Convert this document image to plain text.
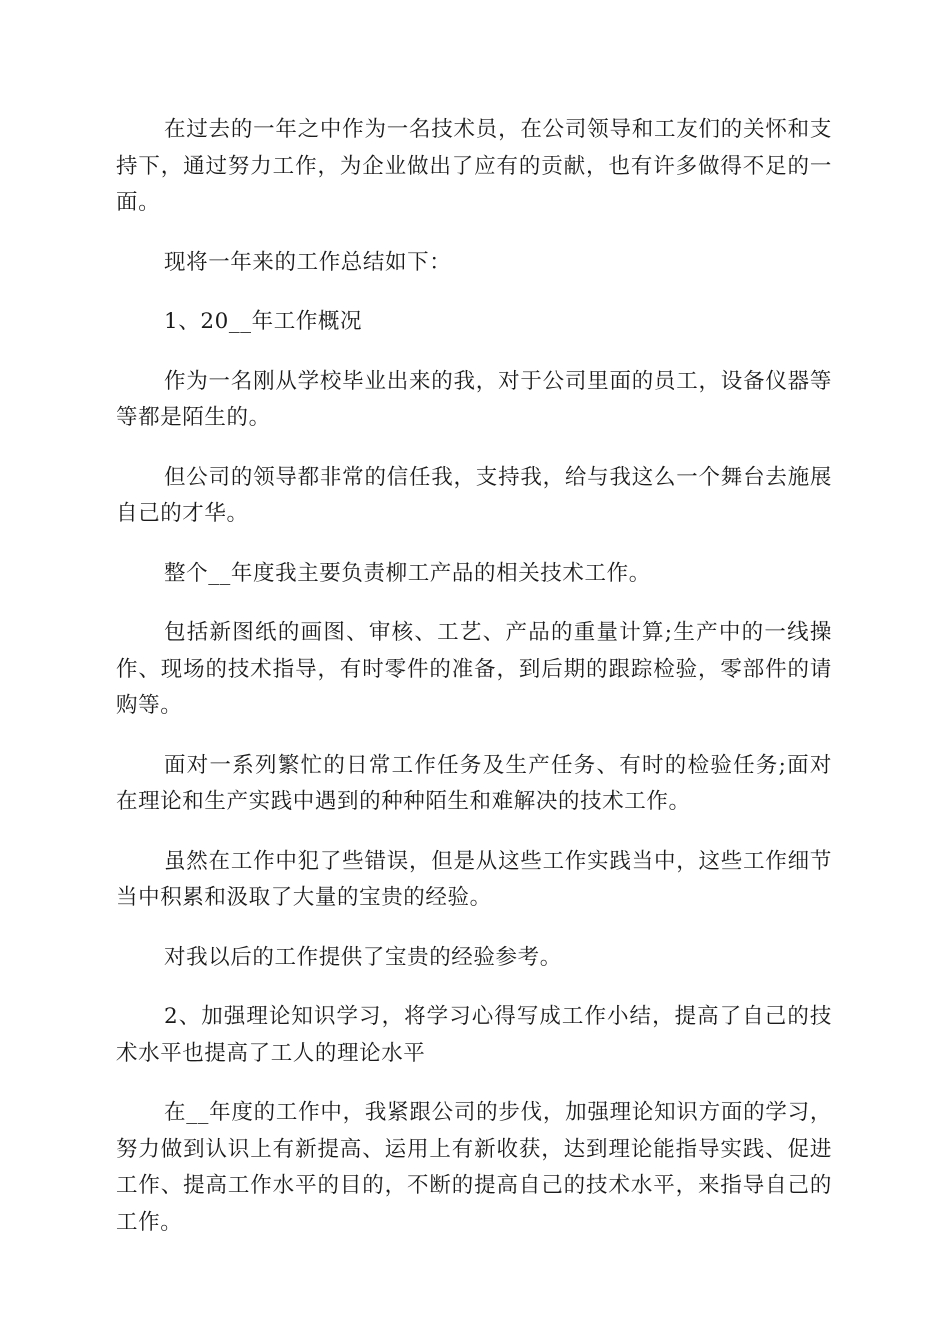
在过去的一年之中作为一名技术员，在公司领导和工友们的关怀和支持下，通过努力工作，为企业做出了应有的贡献，也有许多做得不足的一面。

现将一年来的工作总结如下：

1、20__年工作概况

作为一名刚从学校毕业出来的我，对于公司里面的员工，设备仪器等等都是陌生的。

但公司的领导都非常的信任我，支持我，给与我这么一个舞台去施展自己的才华。

整个__年度我主要负责柳工产品的相关技术工作。

包括新图纸的画图、审核、工艺、产品的重量计算;生产中的一线操作、现场的技术指导，有时零件的准备，到后期的跟踪检验，零部件的请购等。

面对一系列繁忙的日常工作任务及生产任务、有时的检验任务;面对在理论和生产实践中遇到的种种陌生和难解决的技术工作。

虽然在工作中犯了些错误，但是从这些工作实践当中，这些工作细节当中积累和汲取了大量的宝贵的经验。

对我以后的工作提供了宝贵的经验参考。

2、加强理论知识学习，将学习心得写成工作小结，提高了自己的技术水平也提高了工人的理论水平

在__年度的工作中，我紧跟公司的步伐，加强理论知识方面的学习，努力做到认识上有新提高、运用上有新收获，达到理论能指导实践、促进工作、提高工作水平的目的，不断的提高自己的技术水平，来指导自己的工作。
